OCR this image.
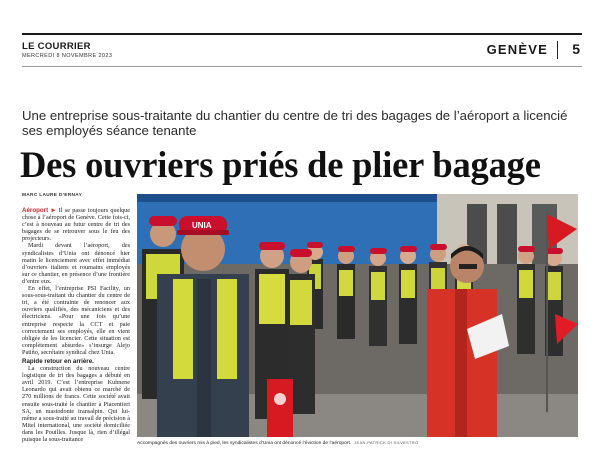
LE COURRIER
MERCREDI 8 NOVEMBRE 2023	GENÈVE 5
Une entreprise sous-traitante du chantier du centre de tri des bagages de l’aéroport a licencié ses employés séance tenante
Des ouvriers priés de plier bagage
MARC LAURE D’ERNAY

Aéroport ► Il se passe toujours quelque chose à l’aéroport de Genève. Cette fois-ci, c’est à nouveau au futur centre de tri des bagages de se retrouver sous le feu des projecteurs.

Mardi devant l’aéroport, des syndicalistes d’Unia ont dénoncé hier matin le licenciement avec effet immédiat d’ouvriers italiens et roumains employés sur ce chantier, en présence d’une frontière d’entre eux.

En effet, l’entreprise PSI Facility, un sous-sous-traitant du chantier du centre de tri, a été contrainte de renoncer aux ouvriers qualifiés, des mécaniciens et des électriciens. «Pour une fois qu’une entreprise respecte la CCT et paie correctement ses employés, elle en vient obligée de les licencier. Cette situation est complètement absurde» s’insurge Alejo Patiño, secrétaire syndical chez Unia.

Rapide retour en arrière.

La construction du nouveau centre logistique de tri des bagages a débuté en avril 2019. C’est l’entreprise Kuhnene Leonardo qui avait obtenu ce marché de 270 millions de francs. Cette société avait ensuite sous-traité le chantier à Piacentieri SA, un mastodonte transalpin. Qui lui-même a sous-traité au travail de précision à Mitel international, une société domiciliée dans les Pouilles. Jusque là, rien d’illégal puisque la sous-traitance

UNIA
Accompagnés des ouvriers mis à pied, les syndicalistes d’Unia ont dénoncé l’éviction de l’aéroport. JEAN-PATRICK DI SILVESTRO
